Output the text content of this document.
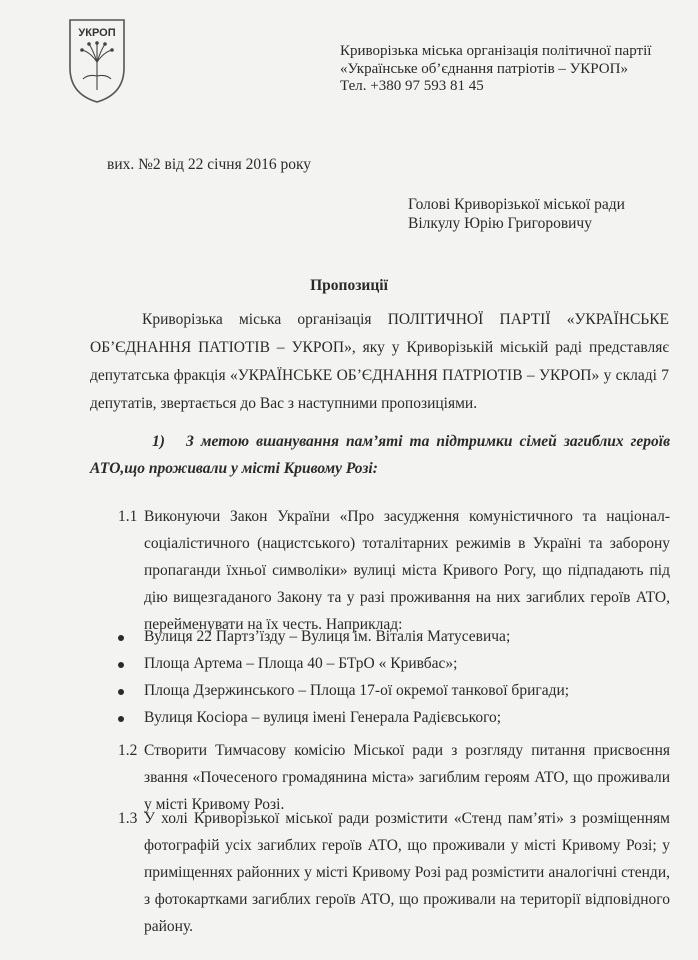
УКРОП
Криворізька міська організація політичної партії
«Українське об’єднання патріотів – УКРОП»
Тел. +380 97 593 81 45
вих. №2 від 22 січня 2016 року
Голові Криворізької міської ради
Вілкулу Юрію Григоровичу
Пропозиції
Криворізька міська організація ПОЛІТИЧНОЇ ПАРТІЇ «УКРАЇНСЬКЕ ОБ’ЄДНАННЯ ПАТІОТІВ – УКРОП», яку у Криворізькій міській раді представляє депутатська фракція «УКРАЇНСЬКЕ ОБ’ЄДНАННЯ ПАТРІОТІВ – УКРОП» у складі 7 депутатів, звертається до Вас з наступними пропозиціями.
1) З метою вшанування пам’яті та підтримки сімей загиблих героїв АТО,що проживали у місті Кривому Розі:
1.1 Виконуючи Закон України «Про засудження комуністичного та націонал-соціалістичного (нацистського) тоталітарних режимів в Україні та заборону пропаганди їхньої символіки» вулиці міста Кривого Рогу, що підпадають під дію вищезгаданого Закону та у разі проживання на них загиблих героїв АТО, перейменувати на їх честь. Наприклад:
Вулиця 22 Партз’їзду – Вулиця ім. Віталія Матусевича;
Площа Артема – Площа 40 – БТрО « Кривбас»;
Площа Дзержинського – Площа 17-ої окремої танкової бригади;
Вулиця Косіора – вулиця імені Генерала Радієвського;
1.2 Створити Тимчасову комісію Міської ради з розгляду питання присвоєння звання «Почесеного громадянина міста» загиблим героям АТО, що проживали у місті Кривому Розі.
1.3 У холі Криворізької міської ради розмістити «Стенд пам’яті» з розміщенням фотографій усіх загиблих героїв АТО, що проживали у місті Кривому Розі; у приміщеннях районних у місті Кривому Розі рад розмістити аналогічні стенди, з фотокартками загиблих героїв АТО, що проживали на території відповідного району.
